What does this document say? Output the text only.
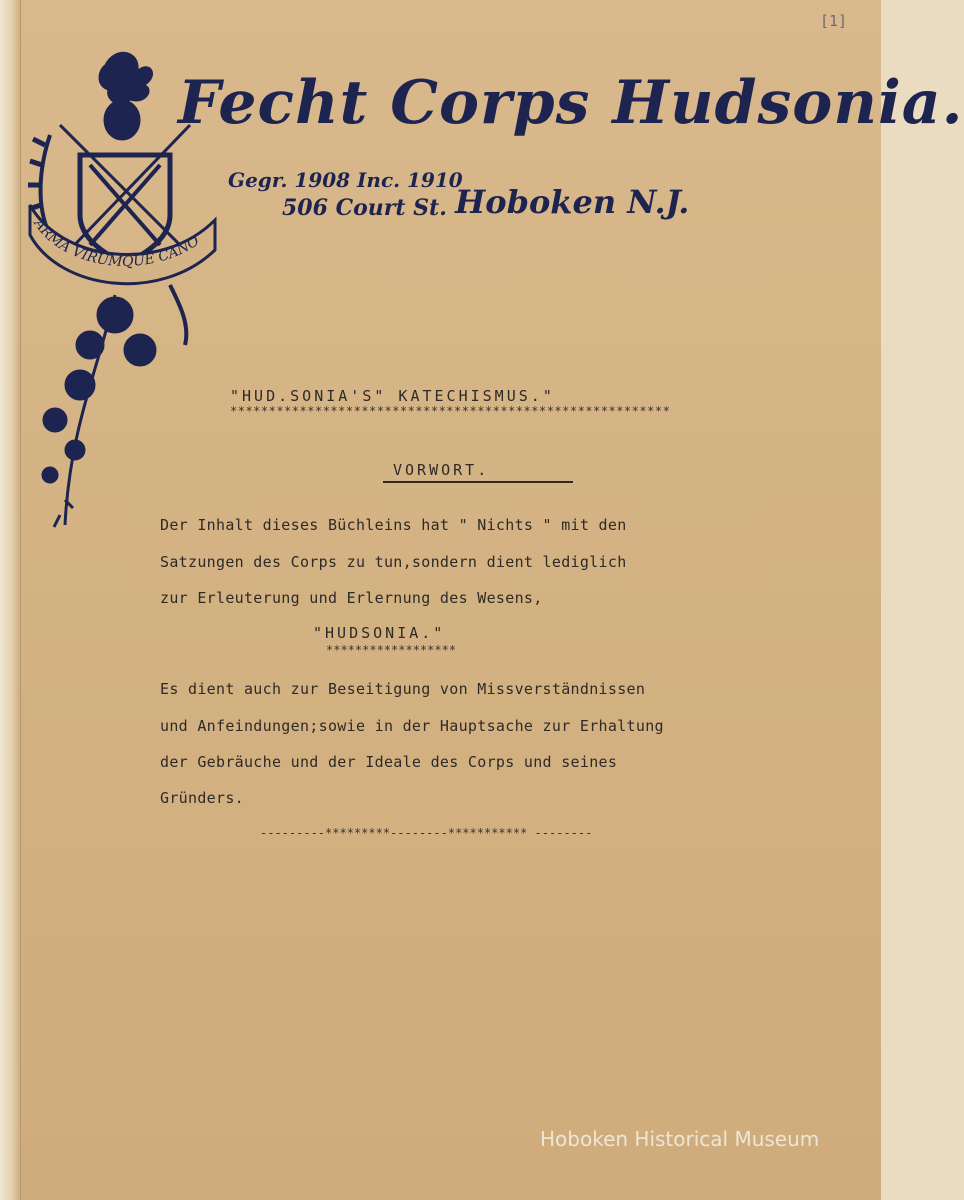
[1]
ARMA VIRUMQUE CANO
Fecht Corps Hudsonia.
Gegr. 1908 Inc. 1910
506 Court St. Hoboken N.J.
"HUD.SONIA'S" KATECHISMUS."
*********************************************************
VORWORT.
Der Inhalt dieses Büchleins hat " Nichts " mit den
Satzungen des Corps zu tun,sondern dient lediglich
zur Erleuterung und Erlernung des Wesens,
"HUDSONIA."
******************
Es dient auch zur Beseitigung von Missverständnissen
und Anfeindungen;sowie in der Hauptsache zur Erhaltung
der Gebräuche und der Ideale des Corps und seines
Gründers.
---------*********--------*********** --------
Hoboken Historical Museum
